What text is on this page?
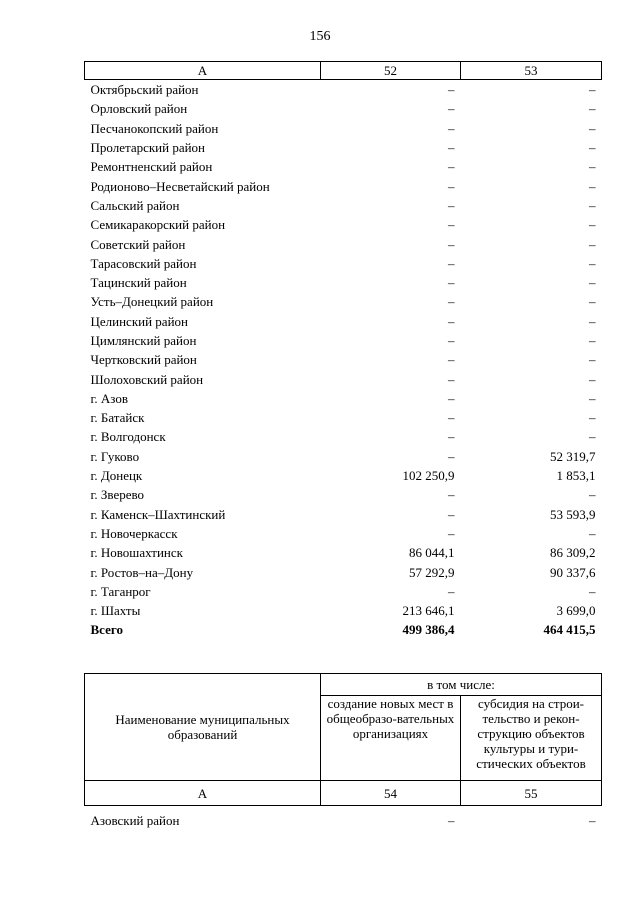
156
А	52	53
Октябрьский район	–	–
Орловский район	–	–
Песчанокопский район	–	–
Пролетарский район	–	–
Ремонтненский район	–	–
Родионово–Несветайский район	–	–
Сальский район	–	–
Семикаракорский район	–	–
Советский район	–	–
Тарасовский район	–	–
Тацинский район	–	–
Усть–Донецкий район	–	–
Целинский район	–	–
Цимлянский район	–	–
Чертковский район	–	–
Шолоховский район	–	–
г. Азов	–	–
г. Батайск	–	–
г. Волгодонск	–	–
г. Гуково	–	52 319,7
г. Донецк	102 250,9	1 853,1
г. Зверево	–	–
г. Каменск–Шахтинский	–	53 593,9
г. Новочеркасск	–	–
г. Новошахтинск	86 044,1	86 309,2
г. Ростов–на–Дону	57 292,9	90 337,6
г. Таганрог	–	–
г. Шахты	213 646,1	3 699,0
Всего	499 386,4	464 415,5
Наименование муниципальных образований	в том числе:	
	создание новых мест в общеобразо-вательных организациях	субсидия на строи-тельство и рекон-струкцию объектов культуры и тури-стических объектов
А	54	55
Азовский район	–	–
